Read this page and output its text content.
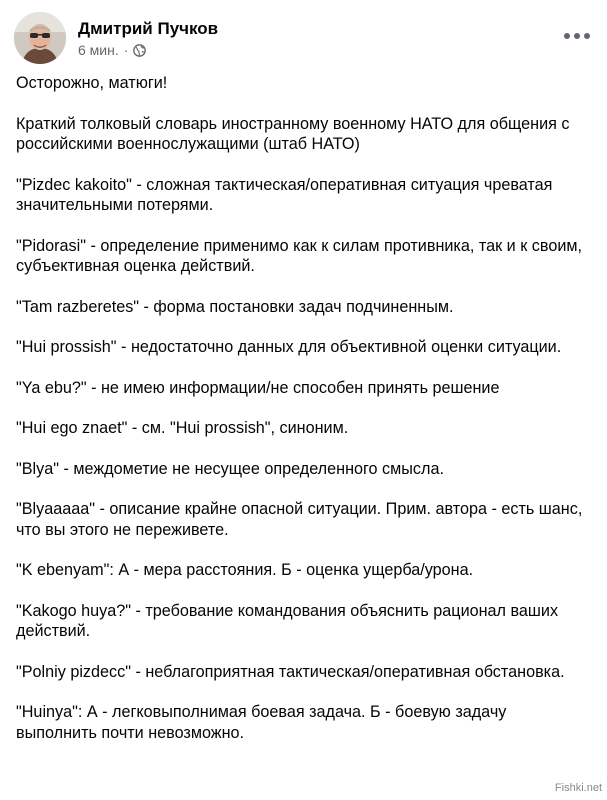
Дмитрий Пучков
6 мин. ·

Осторожно, матюги!

Краткий толковый словарь иностранному военному НАТО для общения с российскими военнослужащими (штаб НАТО)

"Pizdec kakoito" - сложная тактическая/оперативная ситуация чреватая значительными потерями.

"Pidorasi" - определение применимо как к силам противника, так и к своим, субъективная оценка действий.

"Tam razberetes" - форма постановки задач подчиненным.

"Hui prossish" - недостаточно данных для объективной оценки ситуации.

"Ya ebu?" - не имею информации/не способен принять решение

"Hui ego znaet" - см. "Hui prossish", синоним.

"Blya" - междометие не несущее определенного смысла.

"Blyaaaaa" - описание крайне опасной ситуации. Прим. автора - есть шанс, что вы этого не переживете.

"K ebenyam": А - мера расстояния. Б - оценка ущерба/урона.

"Kakogo huya?" - требование командования объяснить рационал ваших действий.

"Polniy pizdecc" - неблагоприятная тактическая/оперативная обстановка.

"Huinya": А - легковыполнимая боевая задача. Б - боевую задачу выполнить почти невозможно.

Fishki.net
